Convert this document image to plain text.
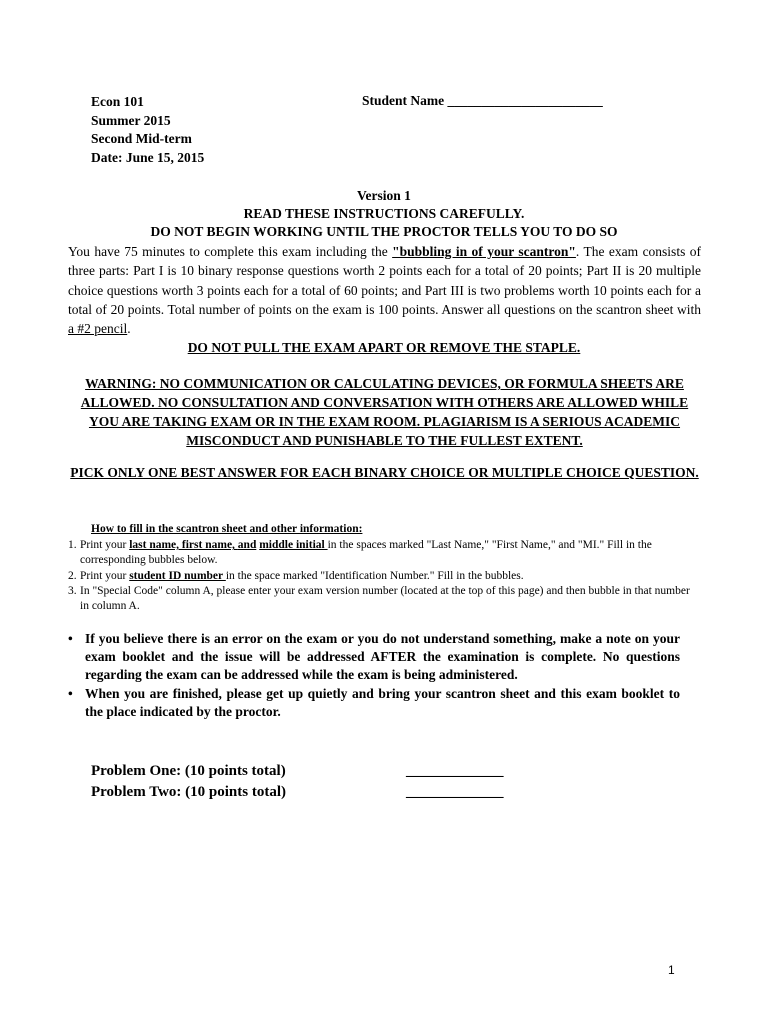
Econ 101
Summer 2015
Second Mid-term
Date: June 15, 2015
Student Name _______________________
Version 1
READ THESE INSTRUCTIONS CAREFULLY.
DO NOT BEGIN WORKING UNTIL THE PROCTOR TELLS YOU TO DO SO
You have 75 minutes to complete this exam including the "bubbling in of your scantron". The exam consists of three parts: Part I is 10 binary response questions worth 2 points each for a total of 20 points; Part II is 20 multiple choice questions worth 3 points each for a total of 60 points; and Part III is two problems worth 10 points each for a total of 20 points. Total number of points on the exam is 100 points. Answer all questions on the scantron sheet with a #2 pencil.
DO NOT PULL THE EXAM APART OR REMOVE THE STAPLE.
WARNING: NO COMMUNICATION OR CALCULATING DEVICES, OR FORMULA SHEETS ARE ALLOWED. NO CONSULTATION AND CONVERSATION WITH OTHERS ARE ALLOWED WHILE YOU ARE TAKING EXAM OR IN THE EXAM ROOM. PLAGIARISM IS A SERIOUS ACADEMIC MISCONDUCT AND PUNISHABLE TO THE FULLEST EXTENT.
PICK ONLY ONE BEST ANSWER FOR EACH BINARY CHOICE OR MULTIPLE CHOICE QUESTION.
How to fill in the scantron sheet and other information:
1. Print your last name, first name, and middle initial in the spaces marked "Last Name," "First Name," and "MI." Fill in the corresponding bubbles below.
2. Print your student ID number in the space marked "Identification Number." Fill in the bubbles.
3. In "Special Code" column A, please enter your exam version number (located at the top of this page) and then bubble in that number in column A.
• If you believe there is an error on the exam or you do not understand something, make a note on your exam booklet and the issue will be addressed AFTER the examination is complete. No questions regarding the exam can be addressed while the exam is being administered.
• When you are finished, please get up quietly and bring your scantron sheet and this exam booklet to the place indicated by the proctor.
Problem One: (10 points total)
Problem Two: (10 points total)
_____________
_____________
1
